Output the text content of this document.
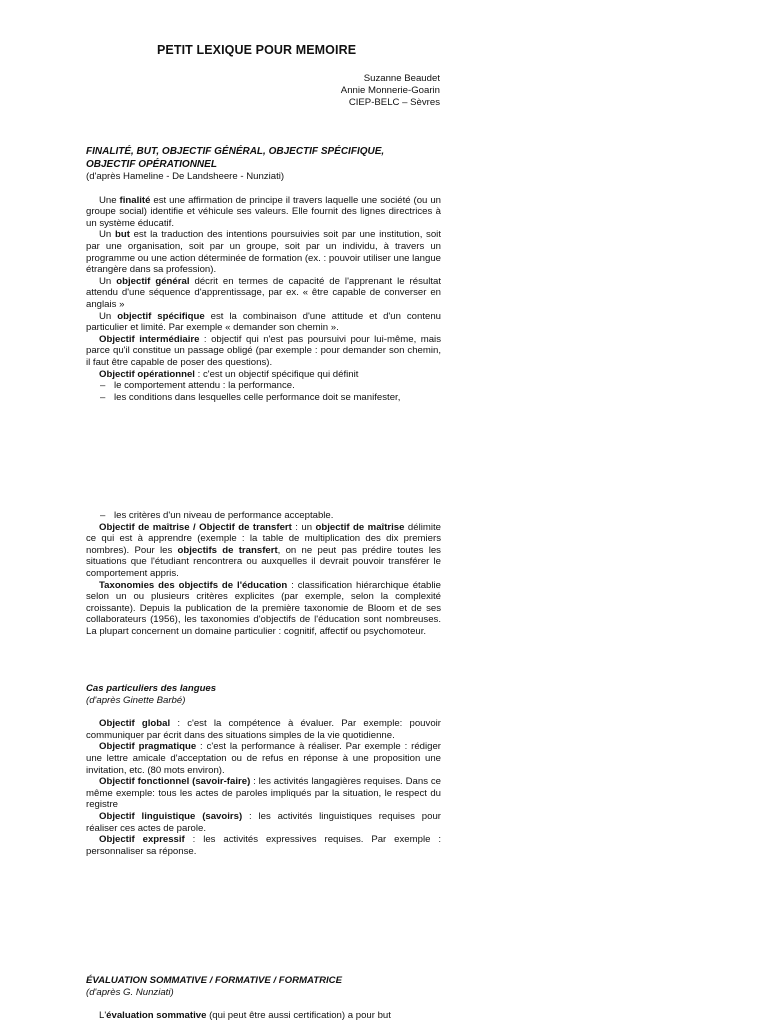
PETIT LEXIQUE POUR MEMOIRE
Suzanne Beaudet
Annie Monnerie-Goarin
CIEP-BELC – Sèvres
FINALITÉ, BUT, OBJECTIF GÉNÉRAL, OBJECTIF SPÉCIFIQUE,
OBJECTIF OPÉRATIONNEL
(d'après Hameline - De Landsheere - Nunziati)

Une finalité est une affirmation de principe il travers laquelle une société (ou un groupe social) identifie et véhicule ses valeurs. Elle fournit des lignes directrices à un système éducatif.

Un but est la traduction des intentions poursuivies soit par une institution, soit par une organisation, soit par un groupe, soit par un individu, à travers un programme ou une action déterminée de formation (ex. : pouvoir utiliser une langue étrangère dans sa profession).

Un objectif général décrit en termes de capacité de l'apprenant le résultat attendu d'une séquence d'apprentissage, par ex. « être capable de converser en anglais »

Un objectif spécifique est la combinaison d'une attitude et d'un contenu particulier et limité. Par exemple « demander son chemin ».

Objectif intermédiaire : objectif qui n'est pas poursuivi pour lui-même, mais parce qu'il constitue un passage obligé (par exemple : pour demander son chemin, il faut être capable de poser des questions).

Objectif opérationnel : c'est un objectif spécifique qui définit

– le comportement attendu : la performance.

– les conditions dans lesquelles celle performance doit se manifester,

– les critères d'un niveau de performance acceptable.

Objectif de maîtrise / Objectif de transfert : un objectif de maîtrise délimite ce qui est à apprendre (exemple : la table de multiplication des dix premiers nombres). Pour les objectifs de transfert, on ne peut pas prédire toutes les situations que l'étudiant rencontrera ou auxquelles il devrait pouvoir transférer le comportement appris.

Taxonomies des objectifs de l'éducation : classification hiérarchique établie selon un ou plusieurs critères explicites (par exemple, selon la complexité croissante). Depuis la publication de la première taxonomie de Bloom et de ses collaborateurs (1956), les taxonomies d'objectifs de l'éducation sont nombreuses. La plupart concernent un domaine particulier : cognitif, affectif ou psychomoteur.

Cas particuliers des langues
(d'après Ginette Barbé)

Objectif global : c'est la compétence à évaluer. Par exemple: pouvoir communiquer par écrit dans des situations simples de la vie quotidienne.

Objectif pragmatique : c'est la performance à réaliser. Par exemple : rédiger une lettre amicale d'acceptation ou de refus en réponse à une proposition une invitation, etc. (80 mots environ).

Objectif fonctionnel (savoir-faire) : les activités langagières requises. Dans ce même exemple: tous les actes de paroles impliqués par la situation, le respect du registre

Objectif linguistique (savoirs) : les activités linguistiques requises pour réaliser ces actes de parole.

Objectif expressif : les activités expressives requises. Par exemple : personnaliser sa réponse.

ÉVALUATION SOMMATIVE / FORMATIVE / FORMATRICE
(d'après G. Nunziati)

L'évaluation sommative (qui peut être aussi certification) a pour but
